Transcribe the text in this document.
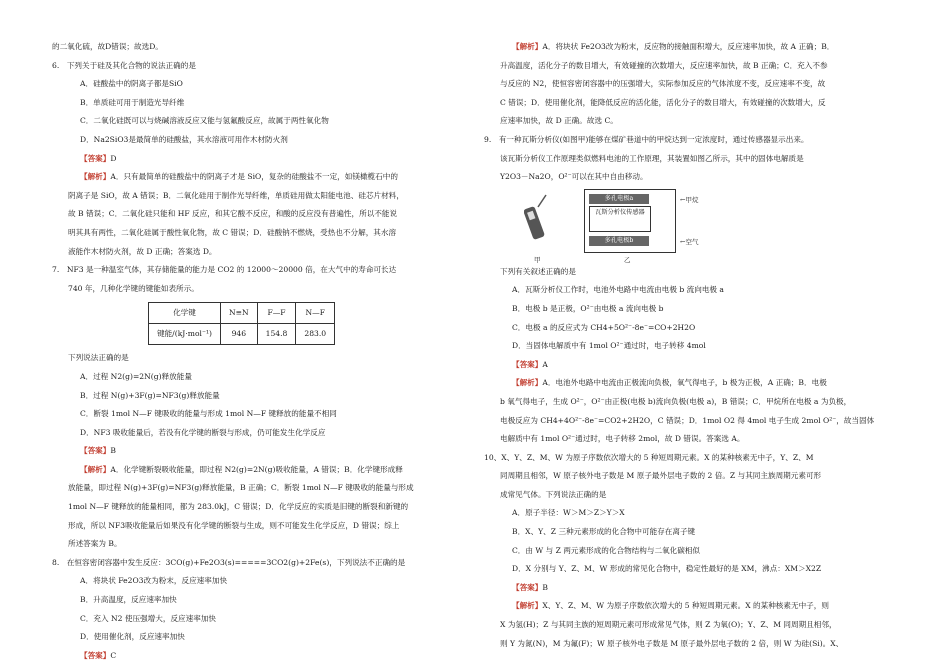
的二氧化硫，故D错误；故选D。
6.　下列关于硅及其化合物的说法正确的是
A．硅酸盐中的阴离子都是SiO
B．单质硅可用于制造光导纤维
C．二氧化硅既可以与烧碱溶液反应又能与氢氟酸反应，故属于两性氧化物
D．Na2SiO3是最简单的硅酸盐，其水溶液可用作木材防火剂
【答案】D
【解析】A．只有最简单的硅酸盐中的阴离子才是 SiO，复杂的硅酸盐不一定，如镁橄榄石中的
阴离子是 SiO，故 A 错误；B．二氧化硅用于制作光导纤维，单质硅用做太阳能电池、硅芯片材料，
故 B 错误；C．二氧化硅只能和 HF 反应，和其它酸不反应，和酸的反应没有普遍性，所以不能说
明其具有两性，二氧化硅属于酸性氧化物，故 C 错误；D．硅酸钠不燃烧，受热也不分解，其水溶
液能作木材防火剂，故 D 正确；答案选 D。
7.　NF3 是一种温室气体，其存储能量的能力是 CO2 的 12000～20000 倍，在大气中的寿命可长达
740 年，几种化学键的键能如表所示。
化学键	N≡N	F—F	N—F
键能/(kJ·mol⁻¹)	946	154.8	283.0
下列说法正确的是
A．过程 N2(g)=2N(g)释放能量
B．过程 N(g)+3F(g)=NF3(g)释放能量
C．断裂 1mol N—F 键吸收的能量与形成 1mol N—F 键释放的能量不相同
D．NF3 吸收能量后，若没有化学键的断裂与形成，仍可能发生化学反应
【答案】B
【解析】A．化学键断裂吸收能量，即过程 N2(g)=2N(g)吸收能量，A 错误；B．化学键形成释
放能量，即过程 N(g)+3F(g)=NF3(g)释放能量，B 正确；C．断裂 1mol N—F 键吸收的能量与形成
1mol N—F 键释放的能量相同，都为 283.0kJ，C 错误；D．化学反应的实质是旧键的断裂和新键的
形成，所以 NF3吸收能量后如果没有化学键的断裂与生成，则不可能发生化学反应，D 错误；综上
所述答案为 B。
8.　在恒容密闭容器中发生反应：3CO(g)+Fe2O3(s)=====3CO2(g)+2Fe(s)，下列说法不正确的是
A．将块状 Fe2O3改为粉末，反应速率加快
B．升高温度，反应速率加快
C．充入 N2 使压强增大，反应速率加快
D．使用催化剂，反应速率加快
【答案】C
【解析】A．将块状 Fe2O3改为粉末，反应物的接触面积增大，反应速率加快，故 A 正确；B．
升高温度，活化分子的数目增大，有效碰撞的次数增大，反应速率加快，故 B 正确；C．充入不参
与反应的 N2，使恒容密闭容器中的压强增大，实际参加反应的气体浓度不变，反应速率不变，故
C 错误；D．使用催化剂，能降低反应的活化能，活化分子的数目增大，有效碰撞的次数增大，反
应速率加快，故 D 正确。故选 C。
9.　有一种瓦斯分析仪(如图甲)能够在煤矿巷道中的甲烷达到一定浓度时，通过传感器显示出来。
该瓦斯分析仪工作原理类似燃料电池的工作原理，其装置如图乙所示，其中的固体电解质是
Y2O3－Na2O，O²⁻可以在其中自由移动。
多孔电极a
瓦斯分析仪传感器
多孔电极b
←甲烷
←空气
甲	乙
下列有关叙述正确的是
A．瓦斯分析仪工作时，电池外电路中电流由电极 b 流向电极 a
B．电极 b 是正极，O²⁻由电极 a 流向电极 b
C．电极 a 的反应式为 CH4+5O²⁻-8e⁻=CO+2H2O
D．当固体电解质中有 1mol O²⁻通过时，电子转移 4mol
【答案】A
【解析】A．电池外电路中电流由正极流向负极，氧气得电子，b 极为正极，A 正确；B．电极
b 氧气得电子，生成 O²⁻，O²⁻由正极(电极 b)流向负极(电极 a)，B 错误；C．甲烷所在电极 a 为负极，
电极反应为 CH4+4O²⁻-8e⁻=CO2+2H2O，C 错误；D．1mol O2 得 4mol 电子生成 2mol O²⁻，故当固体
电解质中有 1mol O²⁻通过时，电子转移 2mol，故 D 错误。答案选 A。
10、X、Y、Z、M、W 为原子序数依次增大的 5 种短周期元素。X 的某种核素无中子，Y、Z、M
同周期且相邻，W 原子核外电子数是 M 原子最外层电子数的 2 倍。Z 与其同主族周期元素可形
成常见气体。下列说法正确的是
A．原子半径：W＞M＞Z＞Y＞X
B．X、Y、Z 三种元素形成的化合物中可能存在离子键
C．由 W 与 Z 两元素形成的化合物结构与二氧化碳相似
D．X 分别与 Y、Z、M、W 形成的常见化合物中，稳定性最好的是 XM，沸点：XM＞X2Z
【答案】B
【解析】X、Y、Z、M、W 为原子序数依次增大的 5 种短周期元素。X 的某种核素无中子，则
X 为氢(H)；Z 与其同主族的短周期元素可形成常见气体，则 Z 为氧(O)；Y、Z、M 同周期且相邻，
则 Y 为氮(N)，M 为氟(F)；W 原子核外电子数是 M 原子最外层电子数的 2 倍，则 W 为硅(Si)。X、
